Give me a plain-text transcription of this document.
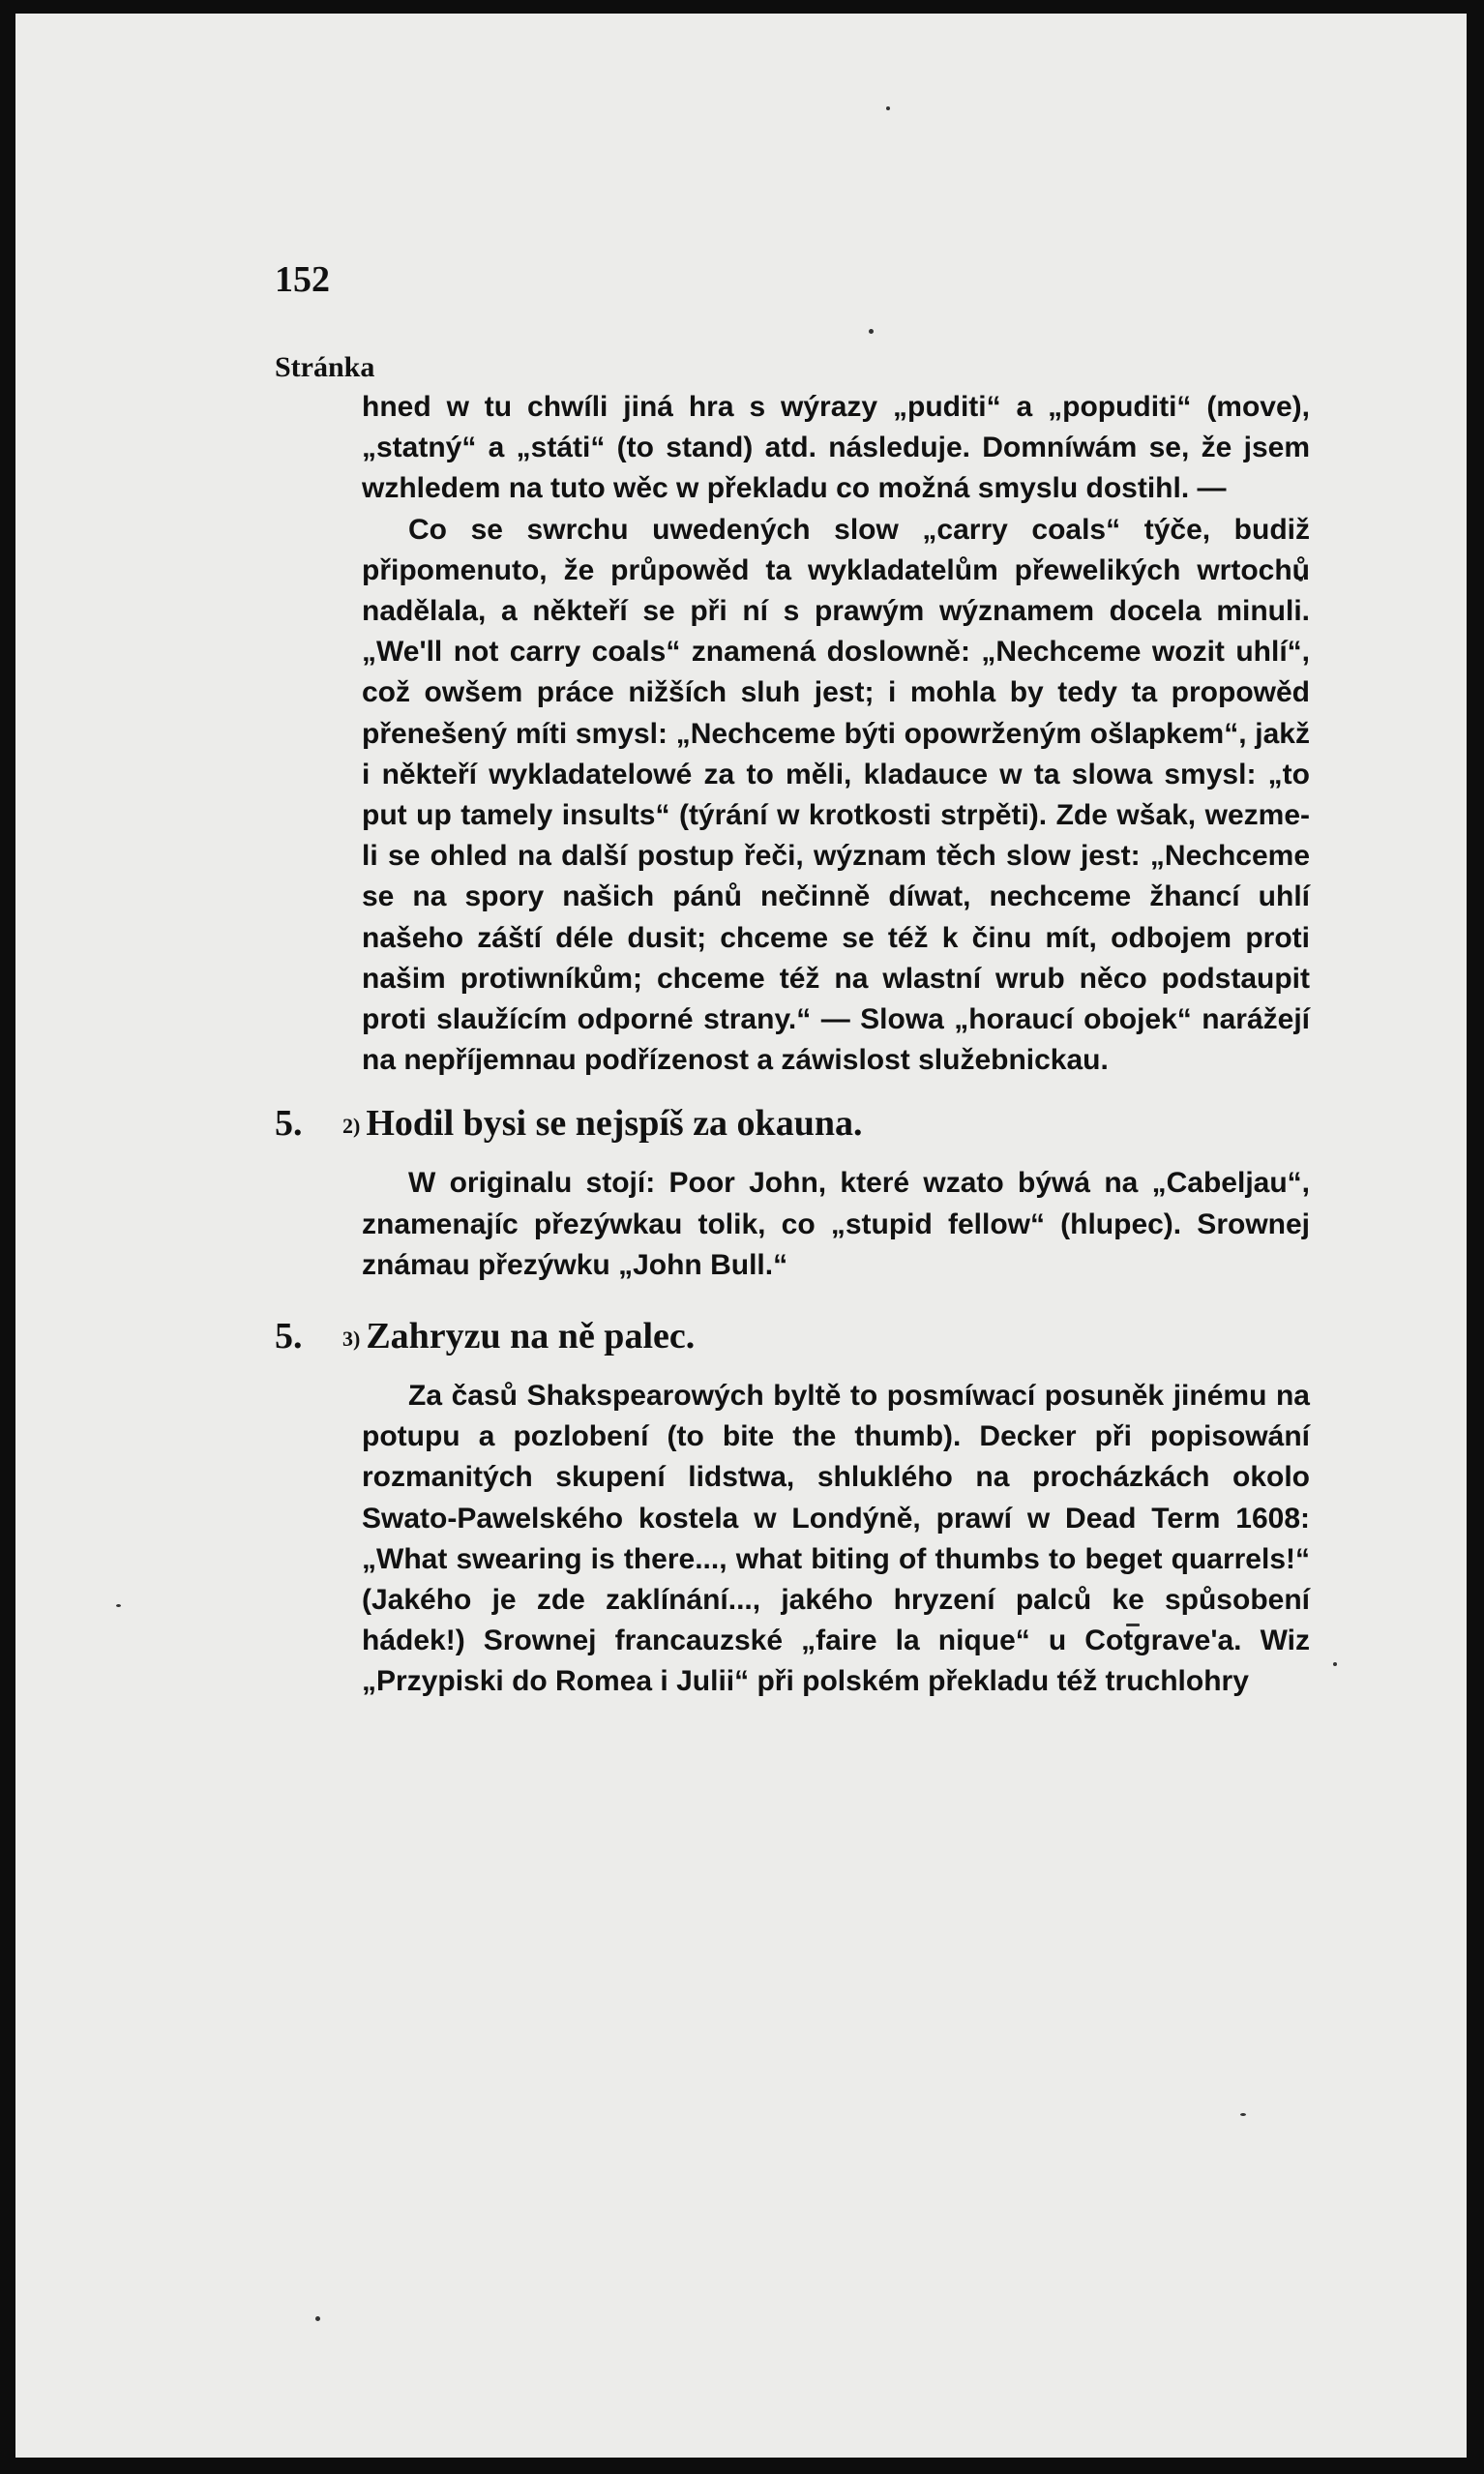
152
Stránka

hned w tu chwíli jiná hra s wýrazy „puditi“ a „popuditi“ (move), „statný“ a „státi“ (to stand) atd. následuje. Domníwám se, že jsem wzhledem na tuto wěc w překladu co možná smyslu dostihl. —

Co se swrchu uwedených slow „carry coals“ týče, budiž připomenuto, že průpowěd ta wykladatelům přewelikých wrtochů nadělala, a někteří se při ní s prawým wýznamem docela minuli. „We'll not carry coals“ znamená doslowně: „Nechceme wozit uhlí“, což owšem práce nižších sluh jest; i mohla by tedy ta propowěd přenešený míti smysl: „Nechceme býti opowrženým ošlapkem“, jakž i někteří wykladatelowé za to měli, kladauce w ta slowa smysl: „to put up tamely insults“ (týrání w krotkosti strpěti). Zde wšak, wezme-li se ohled na další postup řeči, wýznam těch slow jest: „Nechceme se na spory našich pánů nečinně díwat, nechceme žhancí uhlí našeho záští déle dusit; chceme se též k činu mít, odbojem proti našim protiwníkům; chceme též na wlastní wrub něco podstaupit proti slaužícím odporné strany.“ — Slowa „horaucí obojek“ narážejí na nepříjemnau podřízenost a záwislost služebnickau.

5.	$^{2)}$ Hodil bysi se nejspíš za okauna.

W originalu stojí: Poor John, které wzato býwá na „Cabeljau“, znamenajíc přezýwkau tolik, co „stupid fellow“ (hlupec). Srownej známau přezýwku „John Bull.“

5.	$^{3)}$ Zahryzu na ně palec.

Za časů Shakspearowých byltě to posmíwací posuněk jinému na potupu a pozlobení (to bite the thumb). Decker při popisowání rozmanitých skupení lidstwa, shluklého na procházkách okolo Swato-Pawelského kostela w Londýně, prawí w Dead Term 1608: „What swearing is there..., what biting of thumbs to beget quarrels!“ (Jakého je zde zaklínání..., jakého hryzení palců ke spůsobení hádek!) Srownej francauzské „faire la nique“ u Cotgrave'a. Wiz „Przypiski do Romea i Julii“ při polském překladu též truchlohry
